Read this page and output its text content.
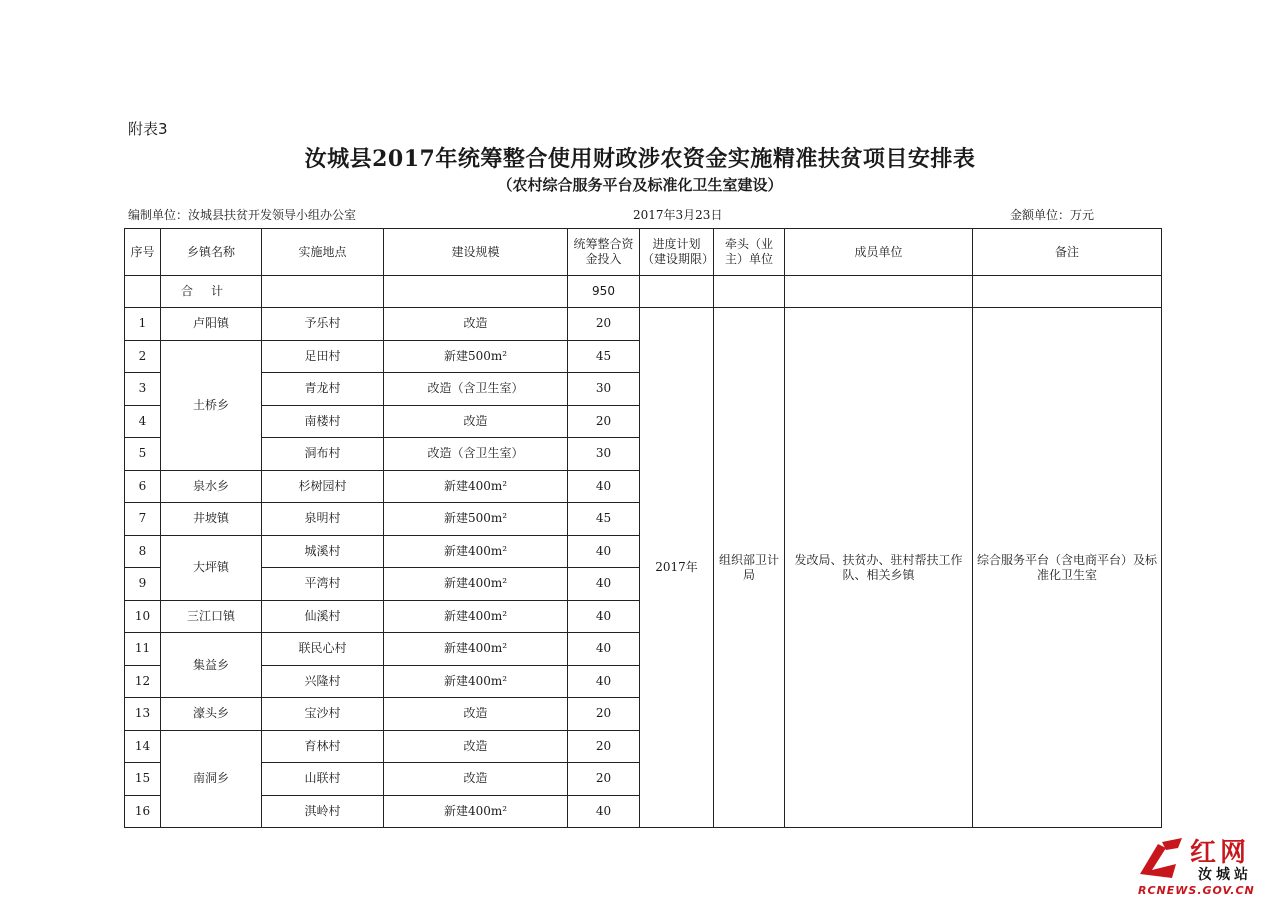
附表3
汝城县2017年统筹整合使用财政涉农资金实施精准扶贫项目安排表
（农村综合服务平台及标准化卫生室建设）
编制单位：汝城县扶贫开发领导小组办公室	2017年3月23日	金额单位：万元
序号	乡镇名称	实施地点	建设规模	统筹整合资金投入	进度计划（建设期限）	牵头（业主）单位	成员单位	备注
	合计			950				
1	卢阳镇	予乐村	改造	20	2017年	组织部卫计局	发改局、扶贫办、驻村帮扶工作队、相关乡镇	综合服务平台（含电商平台）及标准化卫生室
2	土桥乡	足田村	新建500m²	45				
3		青龙村	改造（含卫生室）	30				
4		南楼村	改造	20				
5		洞布村	改造（含卫生室）	30				
6	泉水乡	杉树园村	新建400m²	40				
7	井坡镇	泉明村	新建500m²	45				
8	大坪镇	城溪村	新建400m²	40				
9		平湾村	新建400m²	40				
10	三江口镇	仙溪村	新建400m²	40				
11	集益乡	联民心村	新建400m²	40				
12		兴隆村	新建400m²	40				
13	濠头乡	宝沙村	改造	20				
14	南洞乡	育林村	改造	20				
15		山联村	改造	20				
16		淇岭村	新建400m²	40				
红网
汝城站
RCNEWS.GOV.CN
